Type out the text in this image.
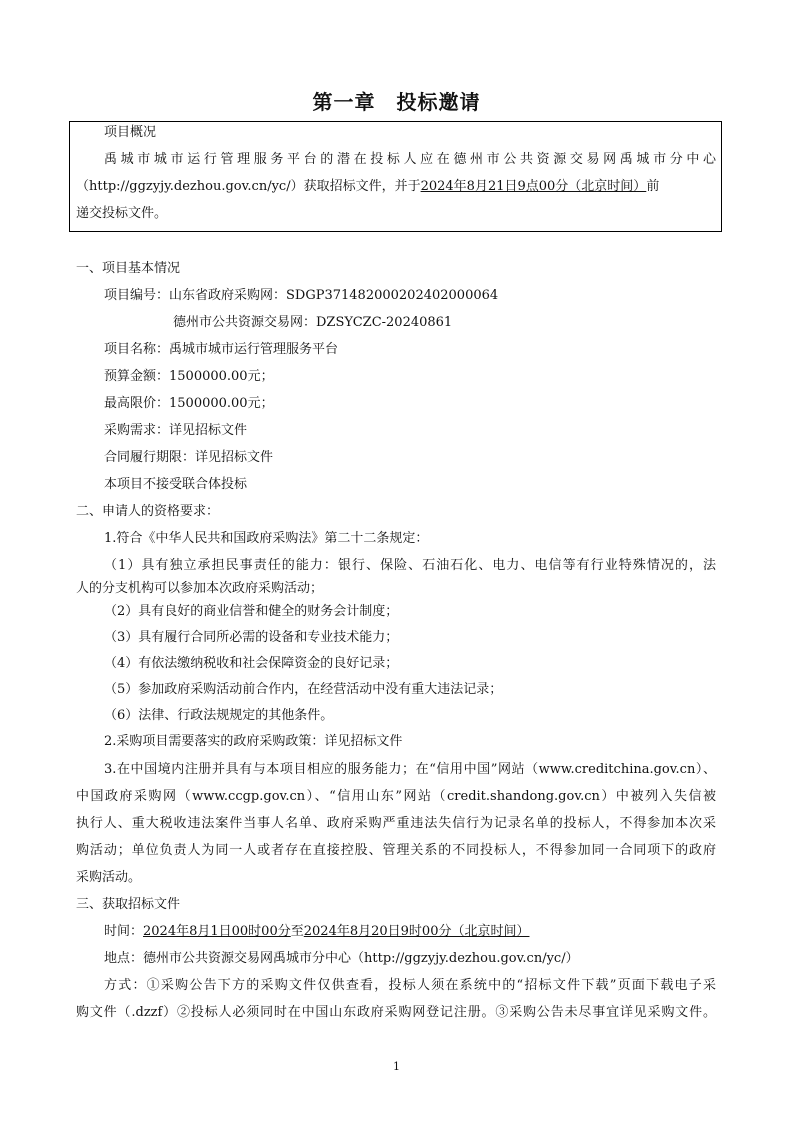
第一章　投标邀请
项目概况
禹城市城市运行管理服务平台的潜在投标人应在德州市公共资源交易网禹城市分中心
（http://ggzyjy.dezhou.gov.cn/yc/）获取招标文件，并于2024年8月21日9点00分（北京时间）前
递交投标文件。
一、项目基本情况
项目编号：山东省政府采购网：SDGP371482000202402000064
德州市公共资源交易网：DZSYCZC-20240861
项目名称：禹城市城市运行管理服务平台
预算金额：1500000.00元；
最高限价：1500000.00元；
采购需求：详见招标文件
合同履行期限：详见招标文件
本项目不接受联合体投标
二、申请人的资格要求：
1.符合《中华人民共和国政府采购法》第二十二条规定：
（1）具有独立承担民事责任的能力：银行、保险、石油石化、电力、电信等有行业特殊情况的，法
人的分支机构可以参加本次政府采购活动；
（2）具有良好的商业信誉和健全的财务会计制度；
（3）具有履行合同所必需的设备和专业技术能力；
（4）有依法缴纳税收和社会保障资金的良好记录；
（5）参加政府采购活动前合作内，在经营活动中没有重大违法记录；
（6）法律、行政法规规定的其他条件。
2.采购项目需要落实的政府采购政策：详见招标文件
3.在中国境内注册并具有与本项目相应的服务能力；在“信用中国”网站（www.creditchina.gov.cn）、
中国政府采购网（www.ccgp.gov.cn）、“信用山东”网站（credit.shandong.gov.cn）中被列入失信被
执行人、重大税收违法案件当事人名单、政府采购严重违法失信行为记录名单的投标人，不得参加本次采
购活动；单位负责人为同一人或者存在直接控股、管理关系的不同投标人，不得参加同一合同项下的政府
采购活动。
三、获取招标文件
时间：2024年8月1日00时00分至2024年8月20日9时00分（北京时间）
地点：德州市公共资源交易网禹城市分中心（http://ggzyjy.dezhou.gov.cn/yc/）
方式：①采购公告下方的采购文件仅供查看，投标人须在系统中的“招标文件下载”页面下载电子采
购文件（.dzzf）②投标人必须同时在中国山东政府采购网登记注册。③采购公告未尽事宜详见采购文件。
1
